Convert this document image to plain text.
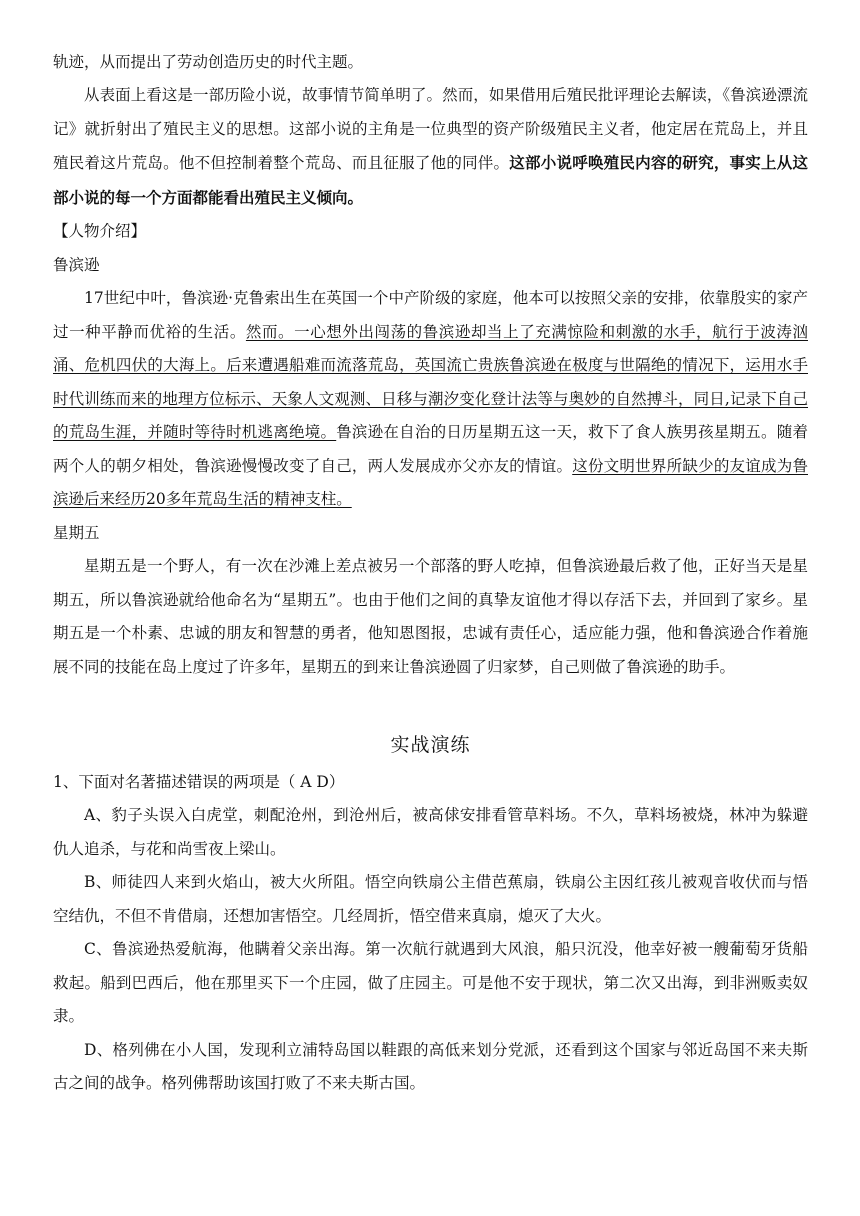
轨迹，从而提出了劳动创造历史的时代主题。
从表面上看这是一部历险小说，故事情节简单明了。然而，如果借用后殖民批评理论去解读，《鲁滨逊漂流记》就折射出了殖民主义的思想。这部小说的主角是一位典型的资产阶级殖民主义者，他定居在荒岛上，并且殖民着这片荒岛。他不但控制着整个荒岛、而且征服了他的同伴。这部小说呼唤殖民内容的研究，事实上从这部小说的每一个方面都能看出殖民主义倾向。
【人物介绍】
鲁滨逊
17世纪中叶，鲁滨逊·克鲁索出生在英国一个中产阶级的家庭，他本可以按照父亲的安排，依靠殷实的家产过一种平静而优裕的生活。然而。一心想外出闯荡的鲁滨逊却当上了充满惊险和刺激的水手，航行于波涛汹涌、危机四伏的大海上。后来遭遇船难而流落荒岛，英国流亡贵族鲁滨逊在极度与世隔绝的情况下，运用水手时代训练而来的地理方位标示、天象人文观测、日移与潮汐变化登计法等与奥妙的自然搏斗，同日,记录下自己的荒岛生涯，并随时等待时机逃离绝境。鲁滨逊在自治的日历星期五这一天，救下了食人族男孩星期五。随着两个人的朝夕相处，鲁滨逊慢慢改变了自己，两人发展成亦父亦友的情谊。这份文明世界所缺少的友谊成为鲁滨逊后来经历20多年荒岛生活的精神支柱。
星期五
星期五是一个野人，有一次在沙滩上差点被另一个部落的野人吃掉，但鲁滨逊最后救了他，正好当天是星期五，所以鲁滨逊就给他命名为“星期五”。也由于他们之间的真挚友谊他才得以存活下去，并回到了家乡。星期五是一个朴素、忠诚的朋友和智慧的勇者，他知恩图报，忠诚有责任心，适应能力强，他和鲁滨逊合作着施展不同的技能在岛上度过了许多年，星期五的到来让鲁滨逊圆了归家梦，自己则做了鲁滨逊的助手。
实战演练
1、下面对名著描述错误的两项是（ A D）
A、豹子头误入白虎堂，刺配沧州，到沧州后，被高俅安排看管草料场。不久，草料场被烧，林冲为躲避仇人追杀，与花和尚雪夜上梁山。
B、师徒四人来到火焰山，被大火所阻。悟空向铁扇公主借芭蕉扇，铁扇公主因红孩儿被观音收伏而与悟空结仇，不但不肯借扇，还想加害悟空。几经周折，悟空借来真扇，熄灭了大火。
C、鲁滨逊热爱航海，他瞒着父亲出海。第一次航行就遇到大风浪，船只沉没，他幸好被一艘葡萄牙货船救起。船到巴西后，他在那里买下一个庄园，做了庄园主。可是他不安于现状，第二次又出海，到非洲贩卖奴隶。
D、格列佛在小人国，发现利立浦特岛国以鞋跟的高低来划分党派，还看到这个国家与邻近岛国不来夫斯古之间的战争。格列佛帮助该国打败了不来夫斯古国。
